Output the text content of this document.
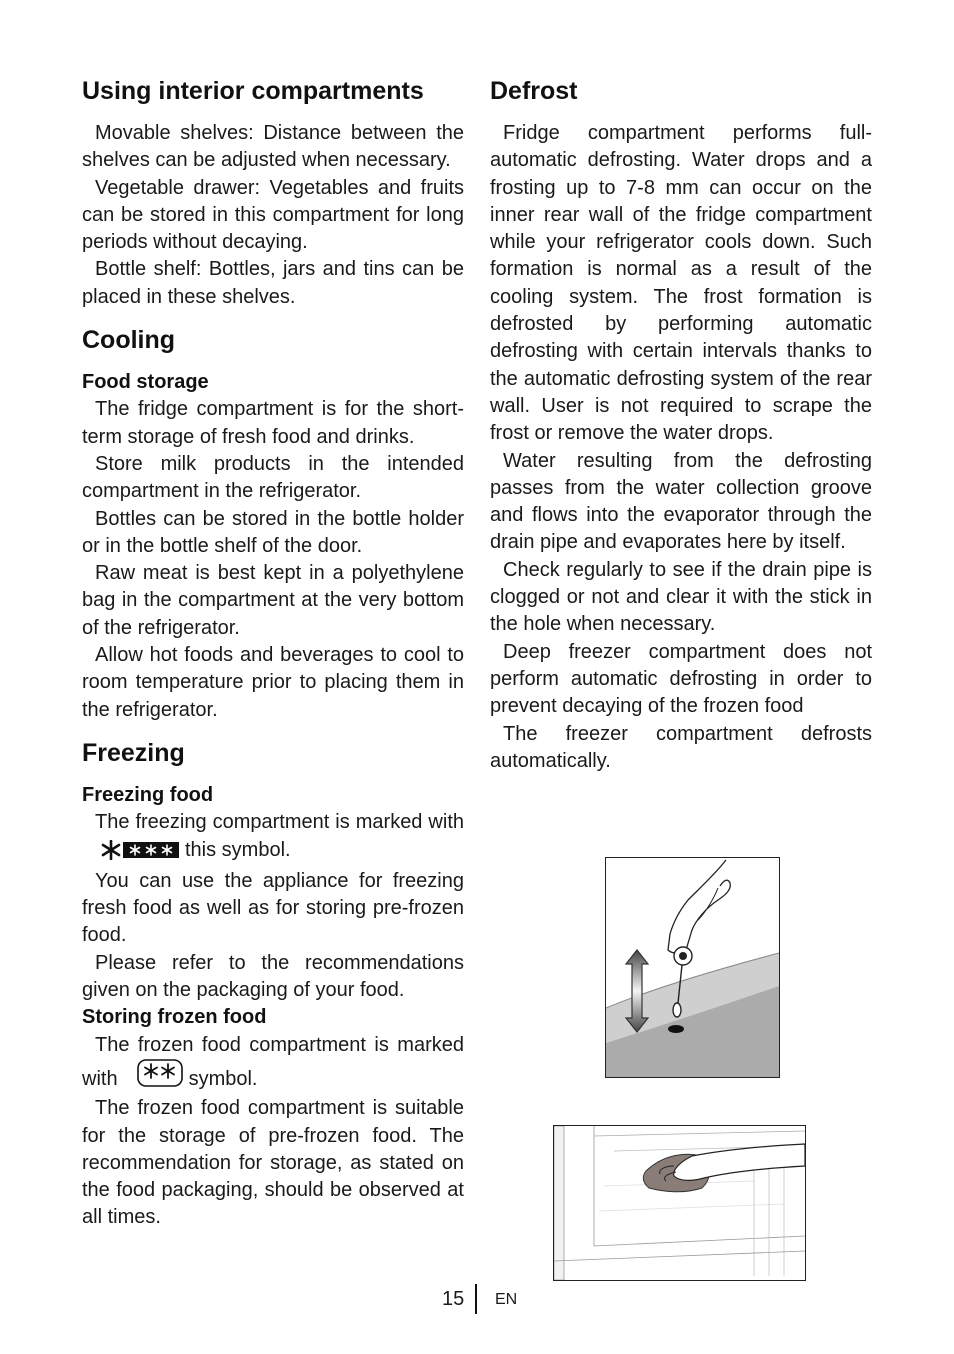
Using interior compartments

Movable shelves: Distance between the shelves can be adjusted when necessary.

Vegetable drawer: Vegetables and fruits can be stored in this compartment for long periods without decaying.

Bottle shelf: Bottles, jars and tins can be placed in these shelves.

Cooling
Food storage

The fridge compartment is for the short-term storage of fresh food and drinks.

Store milk products in the intended compartment in the refrigerator.

Bottles can be stored in the bottle holder or in the bottle shelf of the door.

Raw meat is best kept in a polyethylene bag in the compartment at the very bottom of the refrigerator.

Allow hot foods and beverages to cool to room temperature prior to placing them in the refrigerator.

Freezing
Freezing food

The freezing compartment is marked withthis symbol.

You can use the appliance for freezing fresh food as well as for storing pre-frozen food.

Please refer to the recommendations given on the packaging of your food.

Storing frozen food

The frozen food compartment is marked with	symbol.

The frozen food compartment is suitable for the storage of pre-frozen food. The recommendation for storage, as stated on the food packaging, should be observed at all times.

Defrost

Fridge compartment performs full-automatic defrosting. Water drops and a frosting up to 7-8 mm can occur on the inner rear wall of the fridge compartment while your refrigerator cools down. Such formation is normal as a result of the cooling system. The frost formation is defrosted by performing automatic defrosting with certain intervals thanks to the automatic defrosting system of the rear wall. User is not required to scrape the frost or remove the water drops.

Water resulting from the defrosting passes from the water collection groove and flows into the evaporator through the drain pipe and evaporates here by itself.

Check regularly to see if the drain pipe is clogged or not and clear it with the stick in the hole when necessary.

Deep freezer compartment does not perform automatic defrosting in order to prevent decaying of the frozen food

The freezer compartment defrosts automatically.

15 EN
